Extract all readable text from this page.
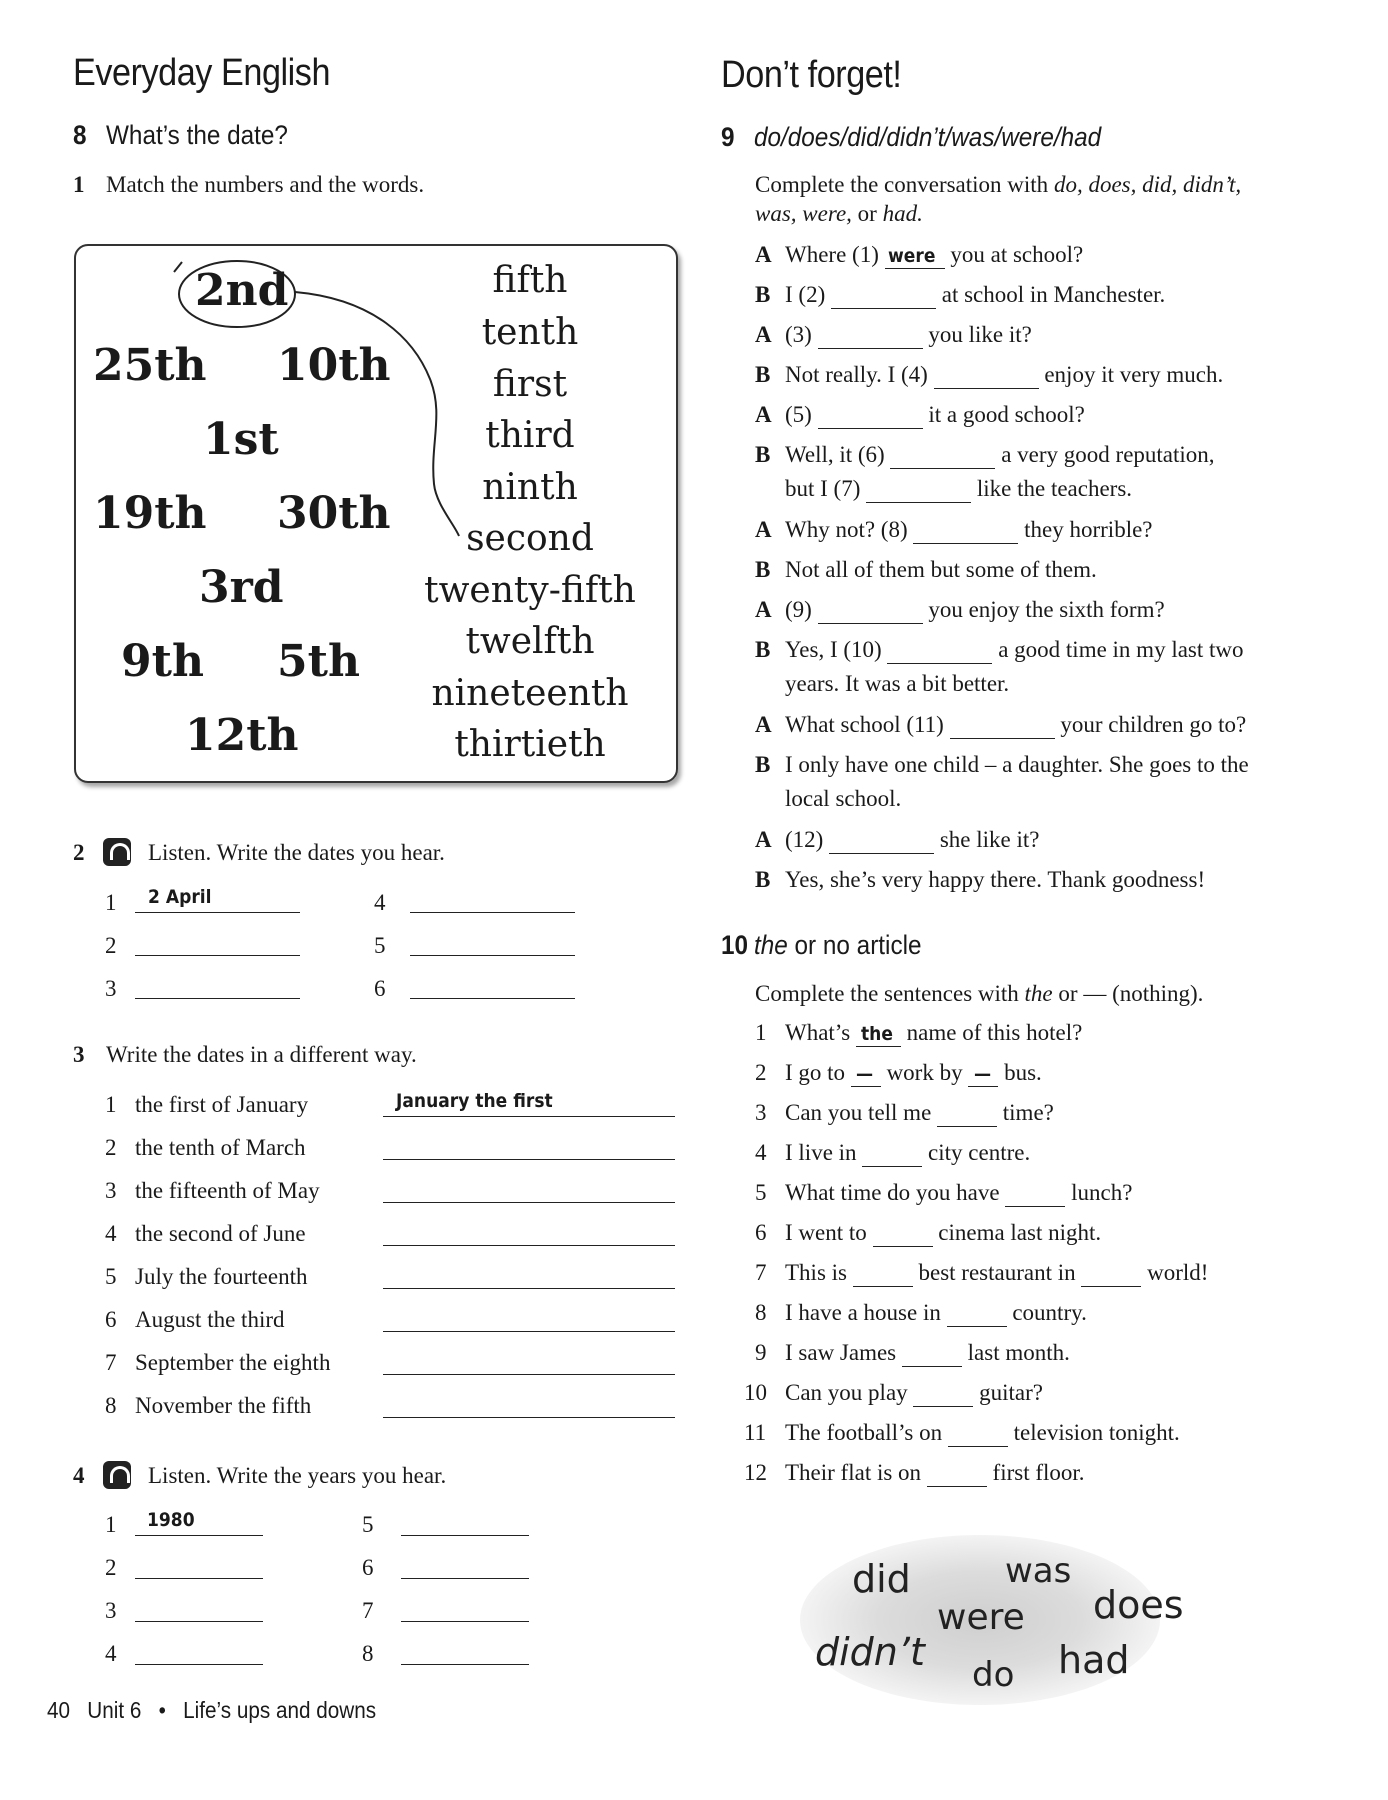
Everyday English
8 What’s the date?
1 Match the numbers and the words.
2nd
25th 10th
1st
19th 30th
3rd
9th 5th
12th
fifth
tenth
first
third
ninth
second
twenty-fifth
twelfth
nineteenth
thirtieth
2	Listen. Write the dates you hear.
1 2 April
2
3
4
5
6
3 Write the dates in a different way.
1 the first of January	January the first
2 the tenth of March
3 the fifteenth of May
4 the second of June
5 July the fourteenth
6 August the third
7 September the eighth
8 November the fifth
4	Listen. Write the years you hear.
1 1980
2
3
4
5
6
7
8
40 Unit 6 • Life’s ups and downs
Don’t forget!
9 do/does/did/didn’t/was/were/had
Complete the conversation with do, does, did, didn’t,
was, were, or had.
A Where (1) were you at school?
B I (2)	at school in Manchester.
A (3)	you like it?
B Not really. I (4)	enjoy it very much.
A (5)	it a good school?
B Well, it (6)	a very good reputation,
but I (7)	like the teachers.
A Why not? (8)	they horrible?
B Not all of them but some of them.
A (9)	you enjoy the sixth form?
B Yes, I (10)	a good time in my last two
years. It was a bit better.
A What school (11)	your children go to?
B I only have one child – a daughter. She goes to the
local school.
A (12)	she like it?
B Yes, she’s very happy there. Thank goodness!
10 the or no article
Complete the sentences with the or — (nothing).
1 What’s the name of this hotel?
2 I go to — work by — bus.
3 Can you tell me	time?
4 I live in	city centre.
5 What time do you have	lunch?
6 I went to	cinema last night.
7 This is	best restaurant in	world!
8 I have a house in	country.
9 I saw James	last month.
10 Can you play	guitar?
11 The football’s on	television tonight.
12 Their flat is on	first floor.
did	was
were does
didn’t
do had
